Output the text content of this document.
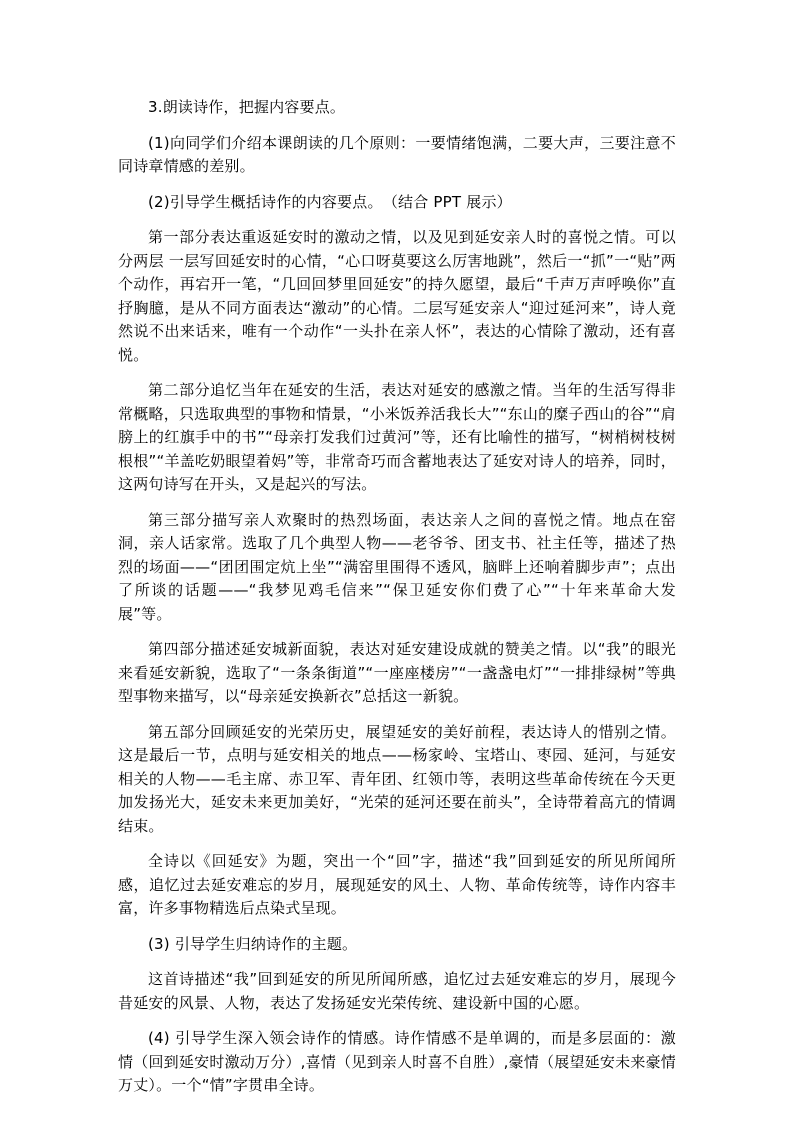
3.朗读诗作，把握内容要点。

(1)向同学们介绍本课朗读的几个原则：一要情绪饱满，二要大声，三要注意不同诗章情感的差别。

(2)引导学生概括诗作的内容要点。　（结合 PPT 展示）

第一部分表达重返延安时的激动之情，以及见到延安亲人时的喜悦之情。可以分两层 一层写回延安时的心情，“心口呀莫要这么厉害地跳”，然后一“抓”一“贴”两个动作，再宕开一笔，“几回回梦里回延安”的持久愿望，最后“千声万声呼唤你”直抒胸臆，是从不同方面表达“激动”的心情。二层写延安亲人“迎过延河来”，诗人竟然说不出来话来，唯有一个动作“一头扑在亲人怀”，表达的心情除了激动，还有喜悦。

第二部分追忆当年在延安的生活，表达对延安的感激之情。当年的生活写得非常概略，只选取典型的事物和情景，“小米饭养活我长大”“东山的糜子西山的谷”“肩膀上的红旗手中的书”“母亲打发我们过黄河”等，还有比喻性的描写，“树梢树枝树根根”“羊盖吃奶眼望着妈”等，非常奇巧而含蓄地表达了延安对诗人的培养，同时，这两句诗写在开头，又是起兴的写法。

第三部分描写亲人欢聚时的热烈场面，表达亲人之间的喜悦之情。地点在窑洞，亲人话家常。选取了几个典型人物——老爷爷、团支书、社主任等，描述了热烈的场面——“团团围定炕上坐”“满窑里围得不透风，脑畔上还响着脚步声”；点出了所谈的话题——“我梦见鸡毛信来”“保卫延安你们费了心”“十年来革命大发展”等。

第四部分描述延安城新面貌，表达对延安建设成就的赞美之情。以“我”的眼光来看延安新貌，选取了“一条条街道”“一座座楼房”“一盏盏电灯”“一排排绿树”等典型事物来描写，以“母亲延安换新衣”总括这一新貌。

第五部分回顾延安的光荣历史，展望延安的美好前程，表达诗人的惜别之情。这是最后一节，点明与延安相关的地点——杨家岭、宝塔山、枣园、延河，与延安相关的人物——毛主席、赤卫军、青年团、红领巾等，表明这些革命传统在今天更加发扬光大，延安未来更加美好，“光荣的延河还要在前头”，全诗带着高亢的情调结束。

全诗以《回延安》为题，突出一个“回”字，描述“我”回到延安的所见所闻所感，追忆过去延安难忘的岁月，展现延安的风土、人物、革命传统等，诗作内容丰富，许多事物精选后点染式呈现。

(3) 引导学生归纳诗作的主题。

这首诗描述“我”回到延安的所见所闻所感，追忆过去延安难忘的岁月，展现今昔延安的风景、人物，表达了发扬延安光荣传统、建设新中国的心愿。

(4) 引导学生深入领会诗作的情感。诗作情感不是单调的，而是多层面的：激情（回到延安时激动万分）,喜情（见到亲人时喜不自胜）,豪情（展望延安未来豪情万丈）。一个“情”字贯串全诗。
